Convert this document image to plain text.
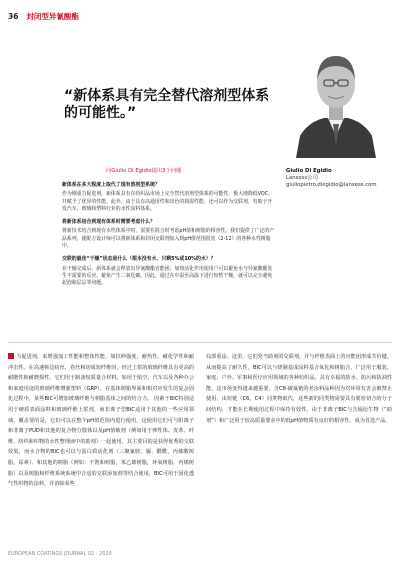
36 封闭型异氰酸酯
“新体系具有完全替代溶剂型体系的可能性。”
向Giulio Di Egidio提出3个问题	Giulio Di Egidio
Lanxess公司
giuliopietro.diegidio@lanxess.com
新体系在多大程度上取代了现有溶剂型系统？
作为刚重力促进剂，新体系具有在纺织品市场上完全替代溶剂型体系的可能性，极大地降低VOC，并赋予了优异的性能。此外，由于具有高通用性和出色的润湿性能，还可以作为交联剂，有助于开发汽车、玻璃和塑料行业的水性涂料体系。
将新体系结合到现有体系时需要考虑什么？
将新技术结合到现有水性体系中时，需要在混合时考虑pH值和树脂的相容性。我们提供了广泛的产品系列，使配方设计师可以将新体系和封闭交联剂加入到pH值范围很宽（2-12）的各种水性树脂中。
交联的最佳“干燥”状态是什么（根本没有水、只剩5%或10%的水）？
在干燥完成后，新体系就会释放出异氰酸酯官能团，加热活化作用使用户可以避免水与异氰酸酯发生不需要的反应，避免产生二氧化碳。因此，通过在中温至高温下进行短暂干燥，就可以完全避免起泡和层层等问题。
力促进剂，来增强加工性能和整体性能，如拉伸强度，耐热性，耐化学性和耐冲击性。在高速拆边纺丝，卷丝和切成短纤维时，经过上浆的玻璃纤维具有更高的耐磨性和耐磨损性。它们用于制备短质量合材料，如用于航空、汽车以及各种办公和家庭用途的玻璃纤维增强塑料（GRP）。在基体树脂界面和相对应发生的复杂固化过程中，某些BIC可增加玻璃纤维与树脂基体之间的结合力。 因素于BIC特别适用于硬质表面涂料和玻璃纤维上浆剂，而非离子型BIC适用于其他的一些应用领域，覆盖要的是，它们可以在整个pH值范围内进行使用，这使用它们可与阳离子和非离子PUD和其他的复合物分散体以及pH值敏剂（例如用于弹性体、皮革、纤维、纺织和织物的水性整理液中的助剂）一起使用，其主要目的是获得优秀的交联效果，而水合物的BIC也可以与蛋白质活化剂（三聚氰胺，脲，酰酰，丙烯酸树脂，尿素）、和其他的树脂（例如：不饱和树脂，苯乙烯树脂，环氧树脂，丙烯树脂）以及树脂和纤维系统系统中合适的交联添加剂等结合使用，BIC可用于固化透气性织物的涂料，并消除某些
局部重涂。这里，它们充当助剂的交联剂，并与纤维表面上的官能团形成共价键，从而提高了耐久性。BIC可以与烧制基成涂料基合氧化和树脂合，广泛用于服装、家庭、户外、军事和医疗应用领域的各种纺织品，具有幸福的防水、防污和防油性能，这市场变得越来越重要，含C8-碳氟链的老涂料品种因为对环境有害会被禁止使用，由短链（C6、C4）同类物取代，这些新的同类物需要具有要密切合的分子间结构，才能在长期使用过程中保持有效性，由于非离子BIC与含辐衍生物（“助剂”）和广泛用于较高质量要求中的低pH值物质有良好的相容性，成为首选产品。
EUROPEAN COATINGS JOURNAL 02 - 2020
